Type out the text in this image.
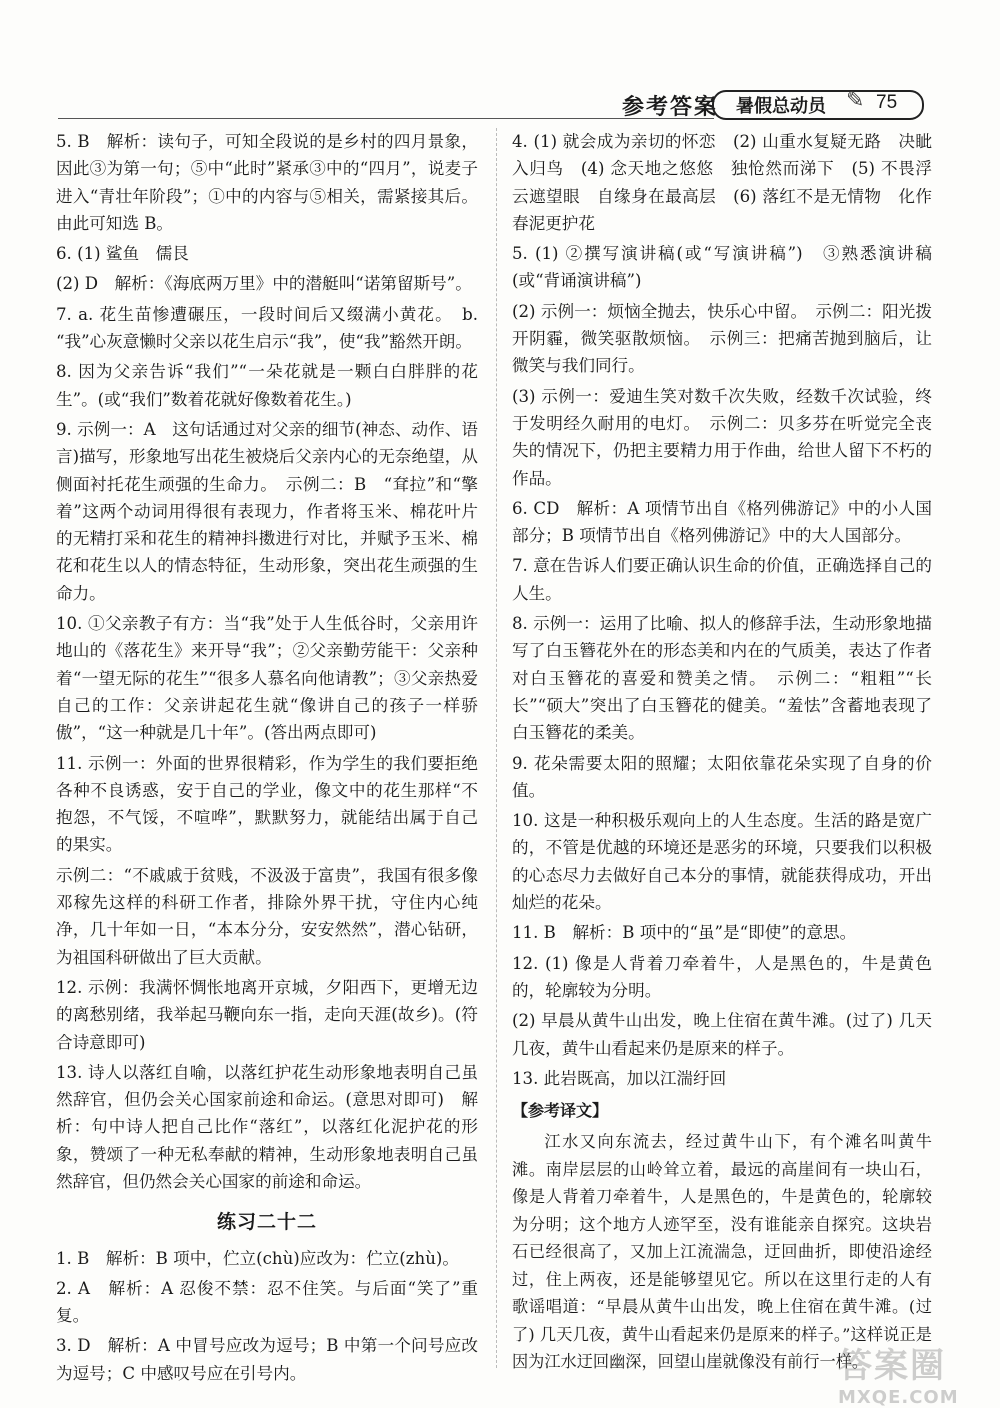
参考答案 暑假总动员 ✎ 75

5. B　解析：读句子，可知全段说的是乡村的四月景象，因此③为第一句；⑤中“此时”紧承③中的“四月”，说麦子进入“青壮年阶段”；①中的内容与⑤相关，需紧接其后。由此可知选 B。

6. (1) 鲨鱼　儒艮

(2) D　解析：《海底两万里》中的潜艇叫“诺第留斯号”。

7. a. 花生苗惨遭碾压，一段时间后又缀满小黄花。　b. “我”心灰意懒时父亲以花生启示“我”，使“我”豁然开朗。

8. 因为父亲告诉“我们”“一朵花就是一颗白白胖胖的花生”。(或“我们”数着花就好像数着花生。)

9. 示例一：A　这句话通过对父亲的细节(神态、动作、语言)描写，形象地写出花生被烧后父亲内心的无奈绝望，从侧面衬托花生顽强的生命力。　示例二：B　“耷拉”和“擎着”这两个动词用得很有表现力，作者将玉米、棉花叶片的无精打采和花生的精神抖擞进行对比，并赋予玉米、棉花和花生以人的情态特征，生动形象，突出花生顽强的生命力。

10. ①父亲教子有方：当“我”处于人生低谷时，父亲用许地山的《落花生》来开导“我”；②父亲勤劳能干：父亲种着“一望无际的花生”“很多人慕名向他请教”；③父亲热爱自己的工作：父亲讲起花生就“像讲自己的孩子一样骄傲”，“这一种就是几十年”。(答出两点即可)

11. 示例一：外面的世界很精彩，作为学生的我们要拒绝各种不良诱惑，安于自己的学业，像文中的花生那样“不抱怨，不气馁，不喧哗”，默默努力，就能结出属于自己的果实。

示例二：“不戚戚于贫贱，不汲汲于富贵”，我国有很多像邓稼先这样的科研工作者，排除外界干扰，守住内心纯净，几十年如一日，“本本分分，安安然然”，潜心钻研，为祖国科研做出了巨大贡献。

12. 示例：我满怀惆怅地离开京城，夕阳西下，更增无边的离愁别绪，我举起马鞭向东一指，走向天涯(故乡)。(符合诗意即可)

13. 诗人以落红自喻，以落红护花生动形象地表明自己虽然辞官，但仍会关心国家前途和命运。(意思对即可)　解析：句中诗人把自己比作“落红”，以落红化泥护花的形象，赞颂了一种无私奉献的精神，生动形象地表明自己虽然辞官，但仍然会关心国家的前途和命运。

练习二十二

1. B　解析：B 项中，伫立(chù)应改为：伫立(zhù)。

2. A　解析：A 忍俊不禁：忍不住笑。与后面“笑了”重复。

3. D　解析：A 中冒号应改为逗号；B 中第一个问号应改为逗号；C 中感叹号应在引号内。

4. (1) 就会成为亲切的怀恋　(2) 山重水复疑无路　决眦入归鸟　(4) 念天地之悠悠　独怆然而涕下　(5) 不畏浮云遮望眼　自缘身在最高层　(6) 落红不是无情物　化作春泥更护花

5. (1) ②撰写演讲稿(或“写演讲稿”)　③熟悉演讲稿(或“背诵演讲稿”)

(2) 示例一：烦恼全抛去，快乐心中留。　示例二：阳光拨开阴霾，微笑驱散烦恼。　示例三：把痛苦抛到脑后，让微笑与我们同行。

(3) 示例一：爱迪生笑对数千次失败，经数千次试验，终于发明经久耐用的电灯。　示例二：贝多芬在听觉完全丧失的情况下，仍把主要精力用于作曲，给世人留下不朽的作品。

6. CD　解析：A 项情节出自《格列佛游记》中的小人国部分；B 项情节出自《格列佛游记》中的大人国部分。

7. 意在告诉人们要正确认识生命的价值，正确选择自己的人生。

8. 示例一：运用了比喻、拟人的修辞手法，生动形象地描写了白玉簪花外在的形态美和内在的气质美，表达了作者对白玉簪花的喜爱和赞美之情。　示例二：“粗粗”“长长”“硕大”突出了白玉簪花的健美。“羞怯”含蓄地表现了白玉簪花的柔美。

9. 花朵需要太阳的照耀；太阳依靠花朵实现了自身的价值。

10. 这是一种积极乐观向上的人生态度。生活的路是宽广的，不管是优越的环境还是恶劣的环境，只要我们以积极的心态尽力去做好自己本分的事情，就能获得成功，开出灿烂的花朵。

11. B　解析：B 项中的“虽”是“即使”的意思。

12. (1) 像是人背着刀牵着牛，人是黑色的，牛是黄色的，轮廓较为分明。

(2) 早晨从黄牛山出发，晚上住宿在黄牛滩。(过了) 几天几夜，黄牛山看起来仍是原来的样子。

13. 此岩既高，加以江湍纡回

【参考译文】

江水又向东流去，经过黄牛山下，有个滩名叫黄牛滩。南岸层层的山岭耸立着，最远的高崖间有一块山石，像是人背着刀牵着牛，人是黑色的，牛是黄色的，轮廓较为分明；这个地方人迹罕至，没有谁能亲自探究。这块岩石已经很高了，又加上江流湍急，迂回曲折，即使沿途经过，住上两夜，还是能够望见它。所以在这里行走的人有歌谣唱道：“早晨从黄牛山出发，晚上住宿在黄牛滩。(过了) 几天几夜，黄牛山看起来仍是原来的样子。”这样说正是因为江水迂回幽深，回望山崖就像没有前行一样。

答案圈
MXQE.COM
